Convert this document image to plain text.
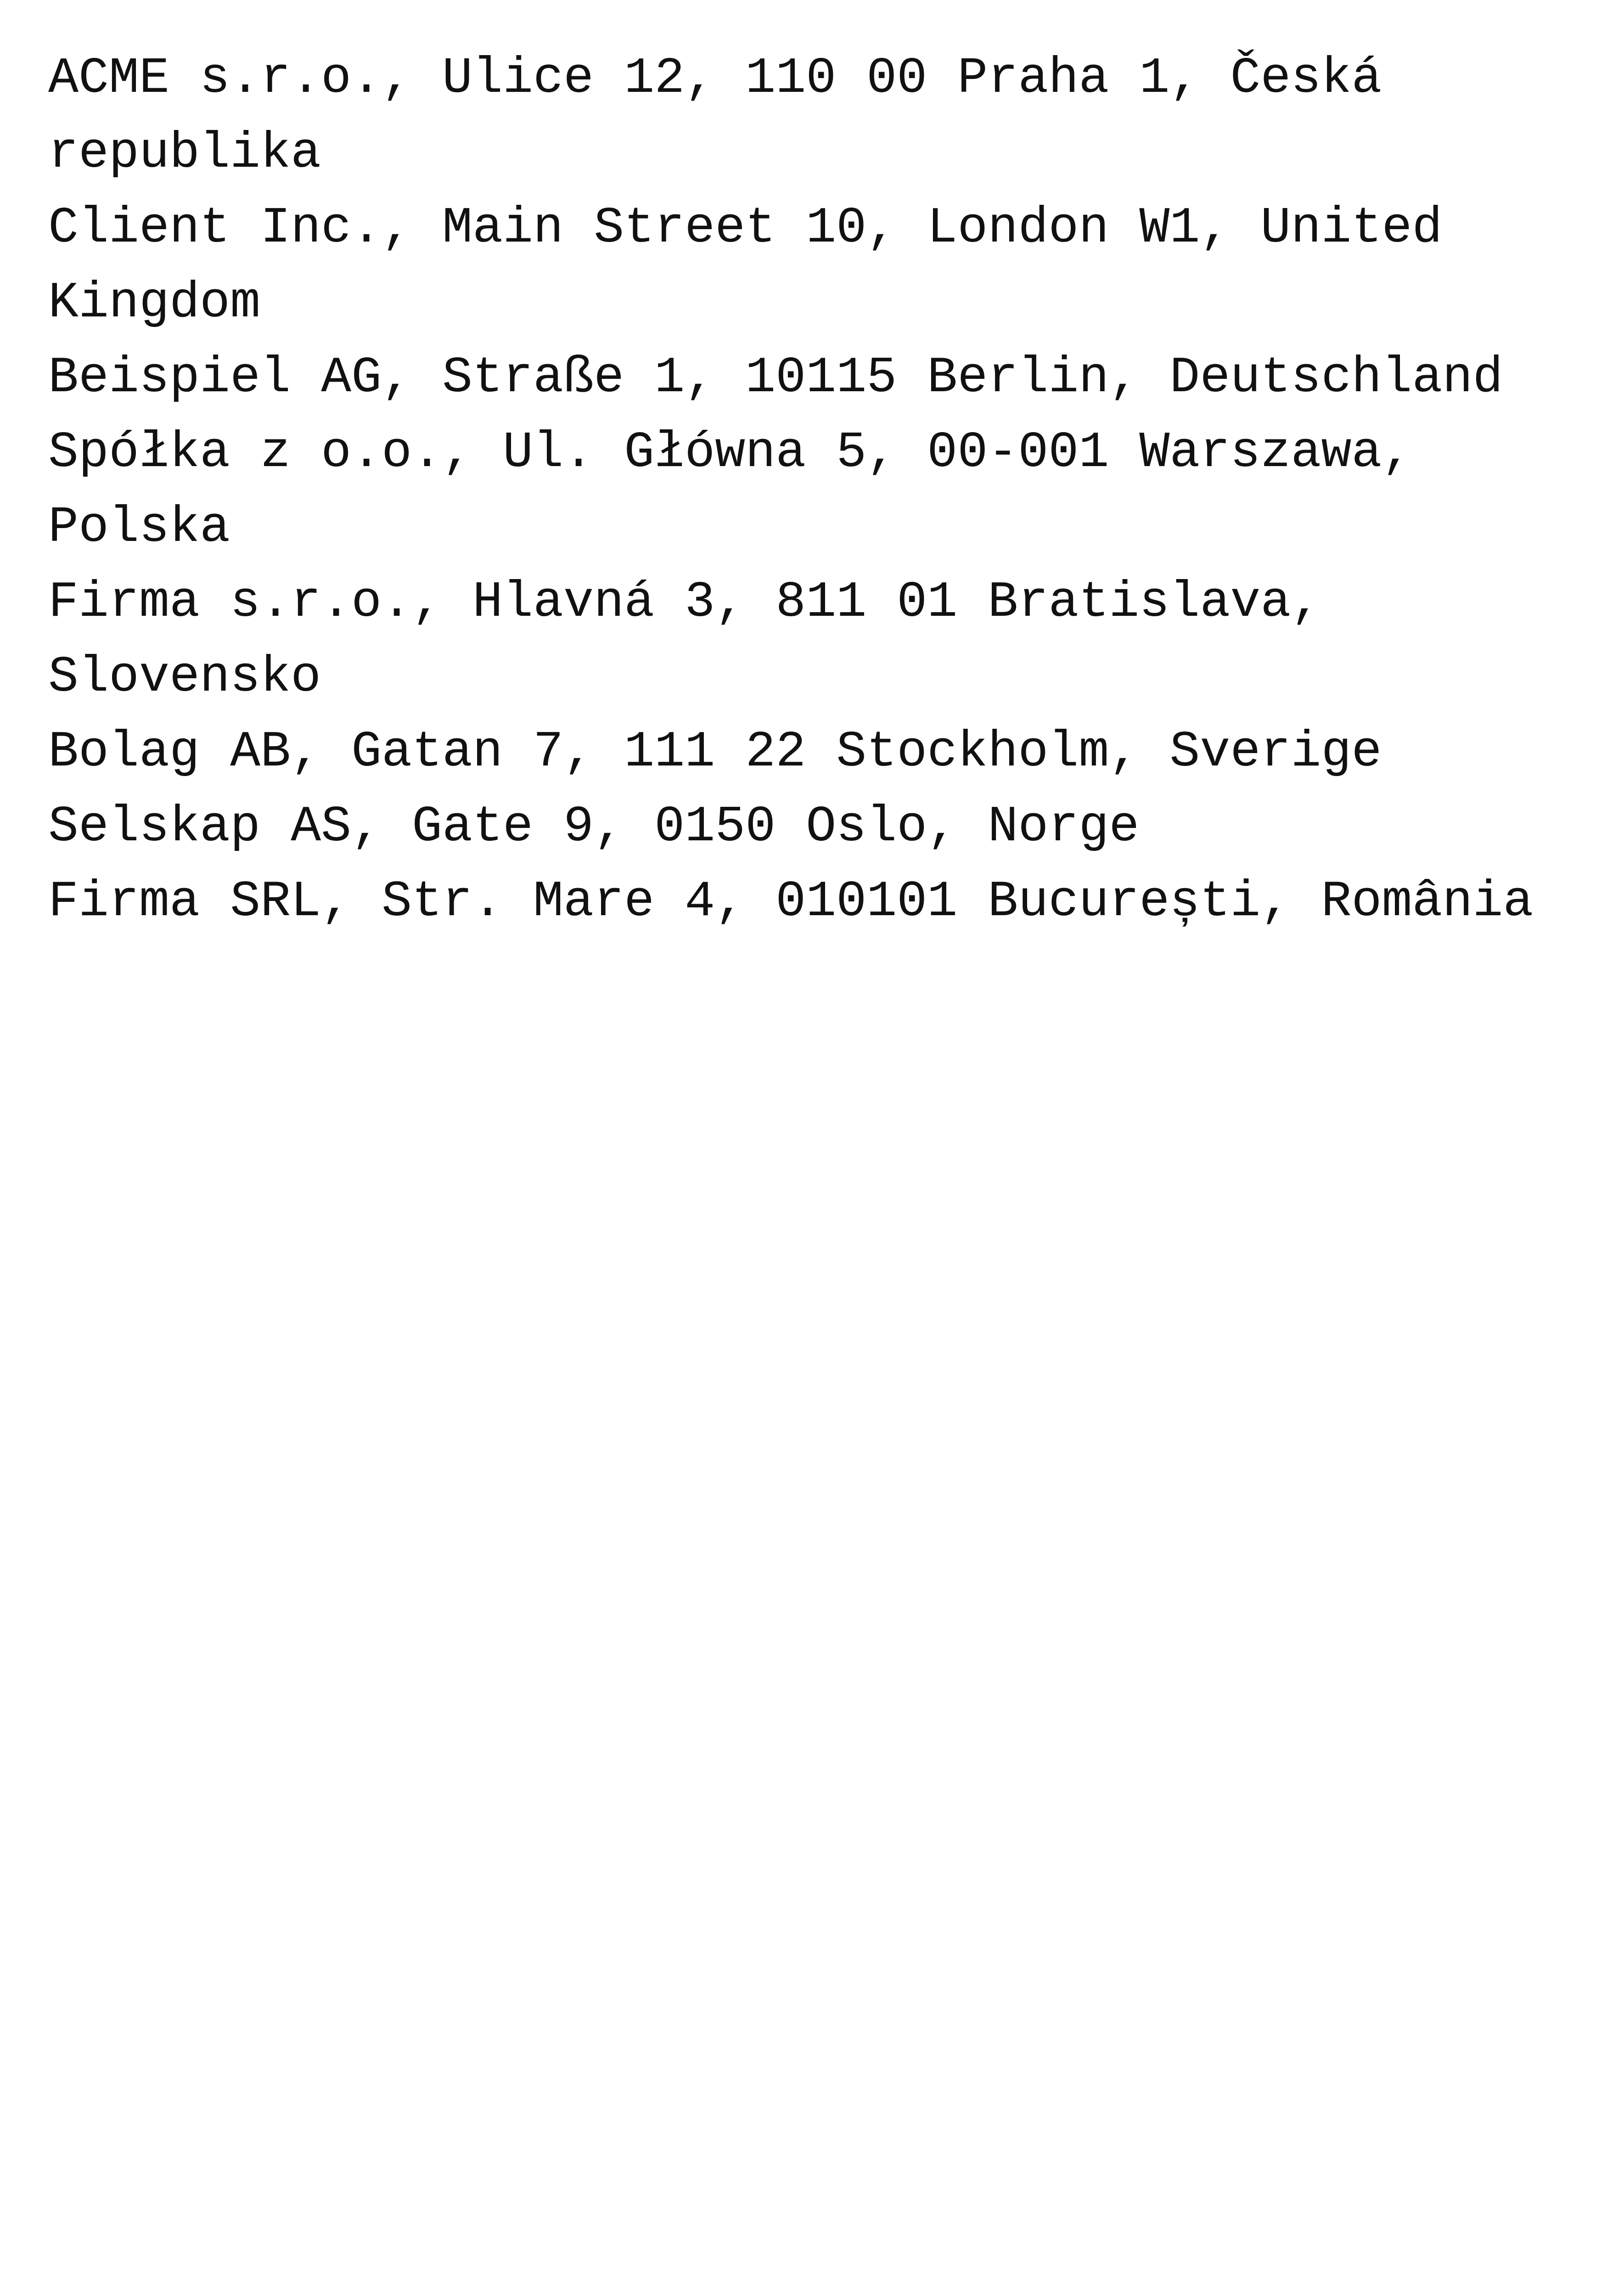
ACME s.r.o., Ulice 12, 110 00 Praha 1, Česká republika
Client Inc., Main Street 10, London W1, United Kingdom
Beispiel AG, Straße 1, 10115 Berlin, Deutschland
Spółka z o.o., Ul. Główna 5, 00-001 Warszawa, Polska
Firma s.r.o., Hlavná 3, 811 01 Bratislava, Slovensko
Bolag AB, Gatan 7, 111 22 Stockholm, Sverige
Selskap AS, Gate 9, 0150 Oslo, Norge
Firma SRL, Str. Mare 4, 010101 București, România
